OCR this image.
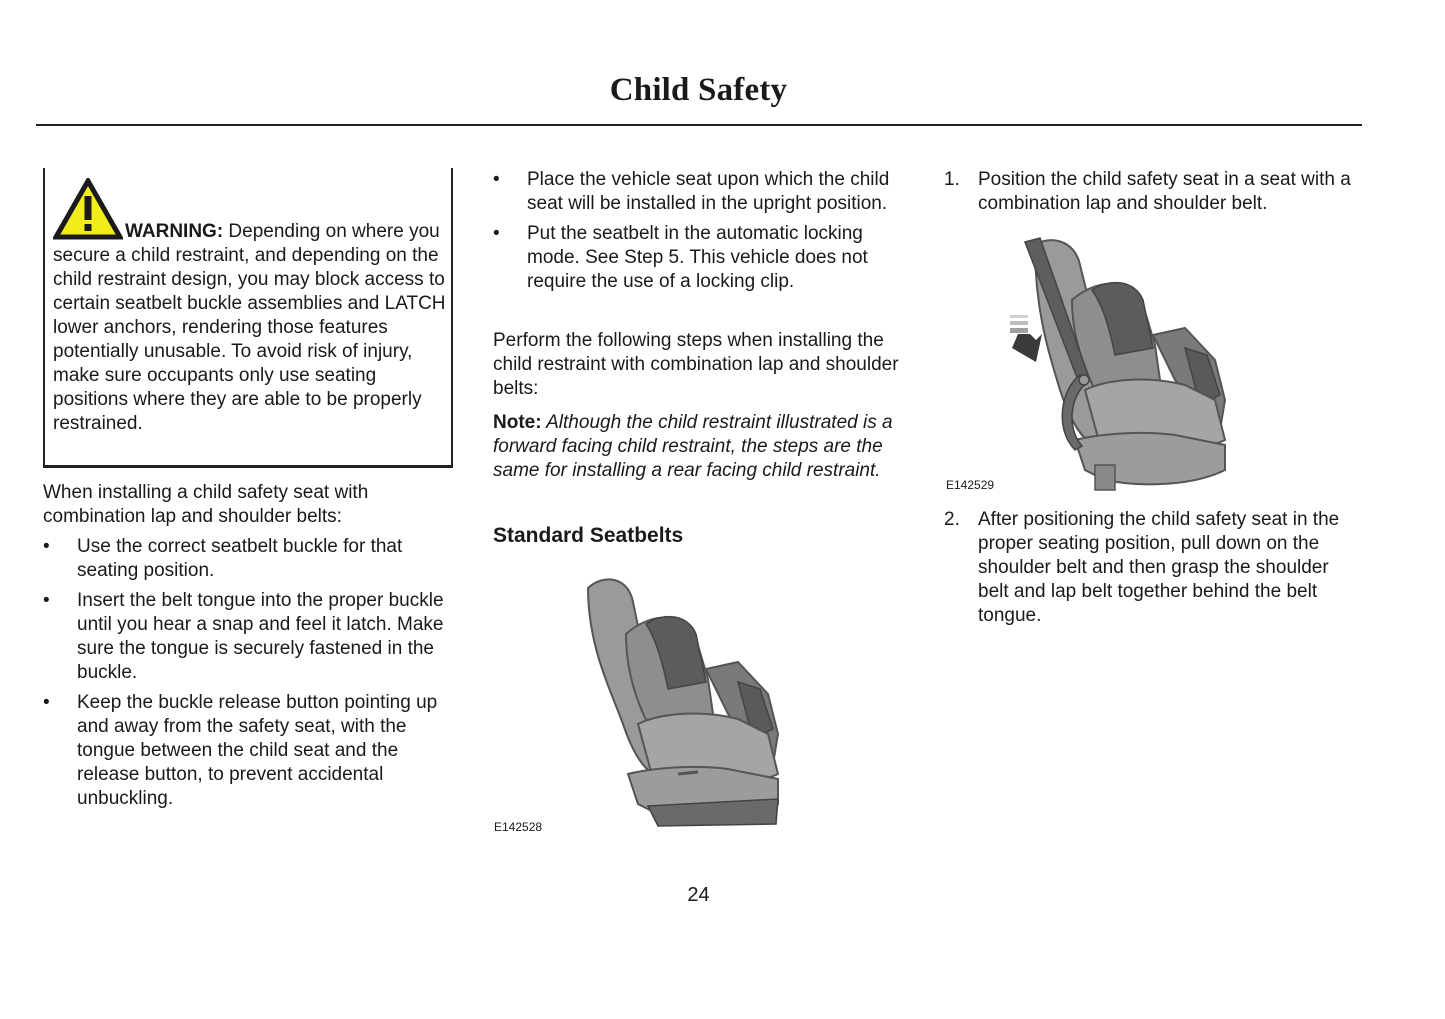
Child Safety
WARNING: Depending on where you secure a child restraint, and depending on the child restraint design, you may block access to certain seatbelt buckle assemblies and LATCH lower anchors, rendering those features potentially unusable. To avoid risk of injury, make sure occupants only use seating positions where they are able to be properly restrained.
When installing a child safety seat with combination lap and shoulder belts:
• Use the correct seatbelt buckle for that seating position.
• Insert the belt tongue into the proper buckle until you hear a snap and feel it latch. Make sure the tongue is securely fastened in the buckle.
• Keep the buckle release button pointing up and away from the safety seat, with the tongue between the child seat and the release button, to prevent accidental unbuckling.
• Place the vehicle seat upon which the child seat will be installed in the upright position.
• Put the seatbelt in the automatic locking mode. See Step 5. This vehicle does not require the use of a locking clip.
Perform the following steps when installing the child restraint with combination lap and shoulder belts:
Note: Although the child restraint illustrated is a forward facing child restraint, the steps are the same for installing a rear facing child restraint.
Standard Seatbelts
E142528
1. Position the child safety seat in a seat with a combination lap and shoulder belt.
E142529
2. After positioning the child safety seat in the proper seating position, pull down on the shoulder belt and then grasp the shoulder belt and lap belt together behind the belt tongue.
24
